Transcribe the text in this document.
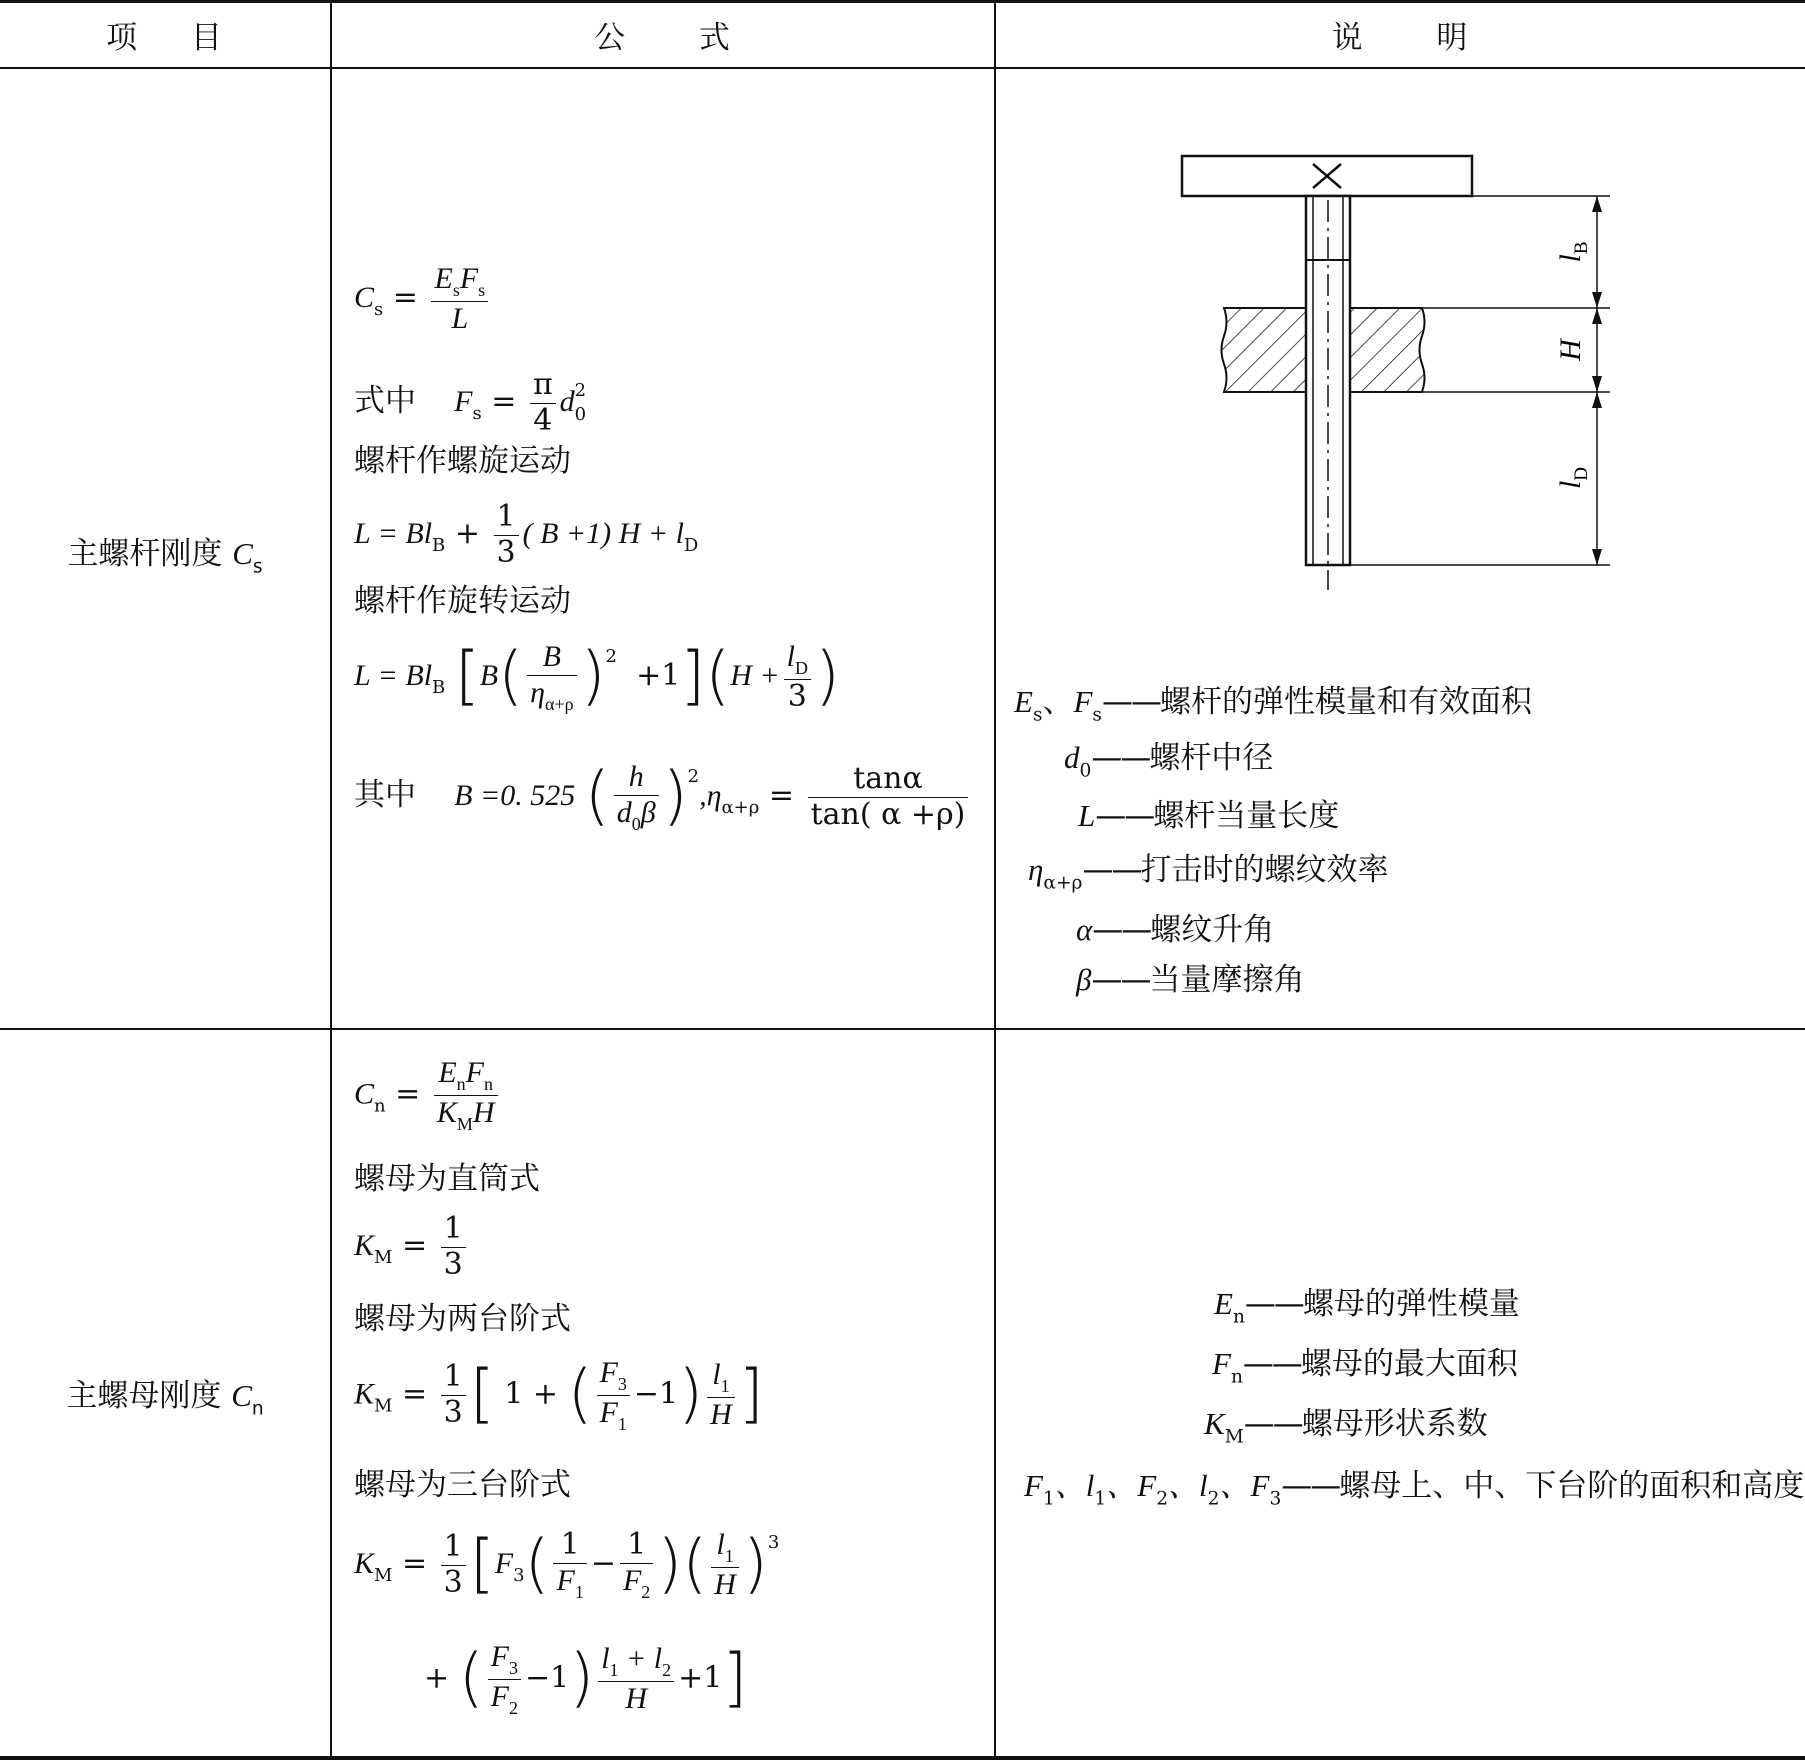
项 目	公 式	说 明
主螺杆刚度 $C_s$
$C_s = \frac{E_sF_s}{L}$
式中 $F_s = \frac{\pi}{4}$ d 2
0
螺杆作螺旋运动
$L = Bl_B + \frac{1}{3}$ ( B +1) $H + l_D$
螺杆作旋转运动
$L = Bl_B$ $[B( \frac{B}{\eta_{\alpha+\rho}} )^2 +1](H + \frac{l_D}{3}$ )
其中 B =0. 525 ( $\frac{h}{d_0\beta} )^2,\eta_{\alpha+\rho} = \frac{\tan\alpha}{\tan( \alpha +\rho)}$
$l_B$
H
$l_D$
$E_s$、$F_s——$螺杆的弹性模量和有效面积
$d_0——$螺杆中径
L——螺杆当量长度
$\eta_{\alpha+\rho}——$打击时的螺纹效率
α——螺纹升角
β——当量摩擦角
主螺母刚度 $C_n$
$C_n = \frac{E_nF_n}{K_MH}$
螺母为直筒式
$K_M = \frac{1}{3}$
螺母为两台阶式
$K_M = \frac{1}{3}$ [ 1 + ( $\frac{F_3}{F_1} -1) \frac{l_1}{H}$ ]
螺母为三台阶式
$K_M = \frac{1}{3} [F_3( \frac{1}{F_1} - \frac{1}{F_2}$ )( $\frac{l_1}{H} )^3$
+ ( $\frac{F_3}{F_2} -1) \frac{l_1 + l_2}{H} +1$]
$E_n——$螺母的弹性模量
$F_n——$螺母的最大面积
$K_M——$螺母形状系数
$F_1$、$l_1$、$F_2$、$l_2$、$F_3——$螺母上、中、下台阶的面积和高度
